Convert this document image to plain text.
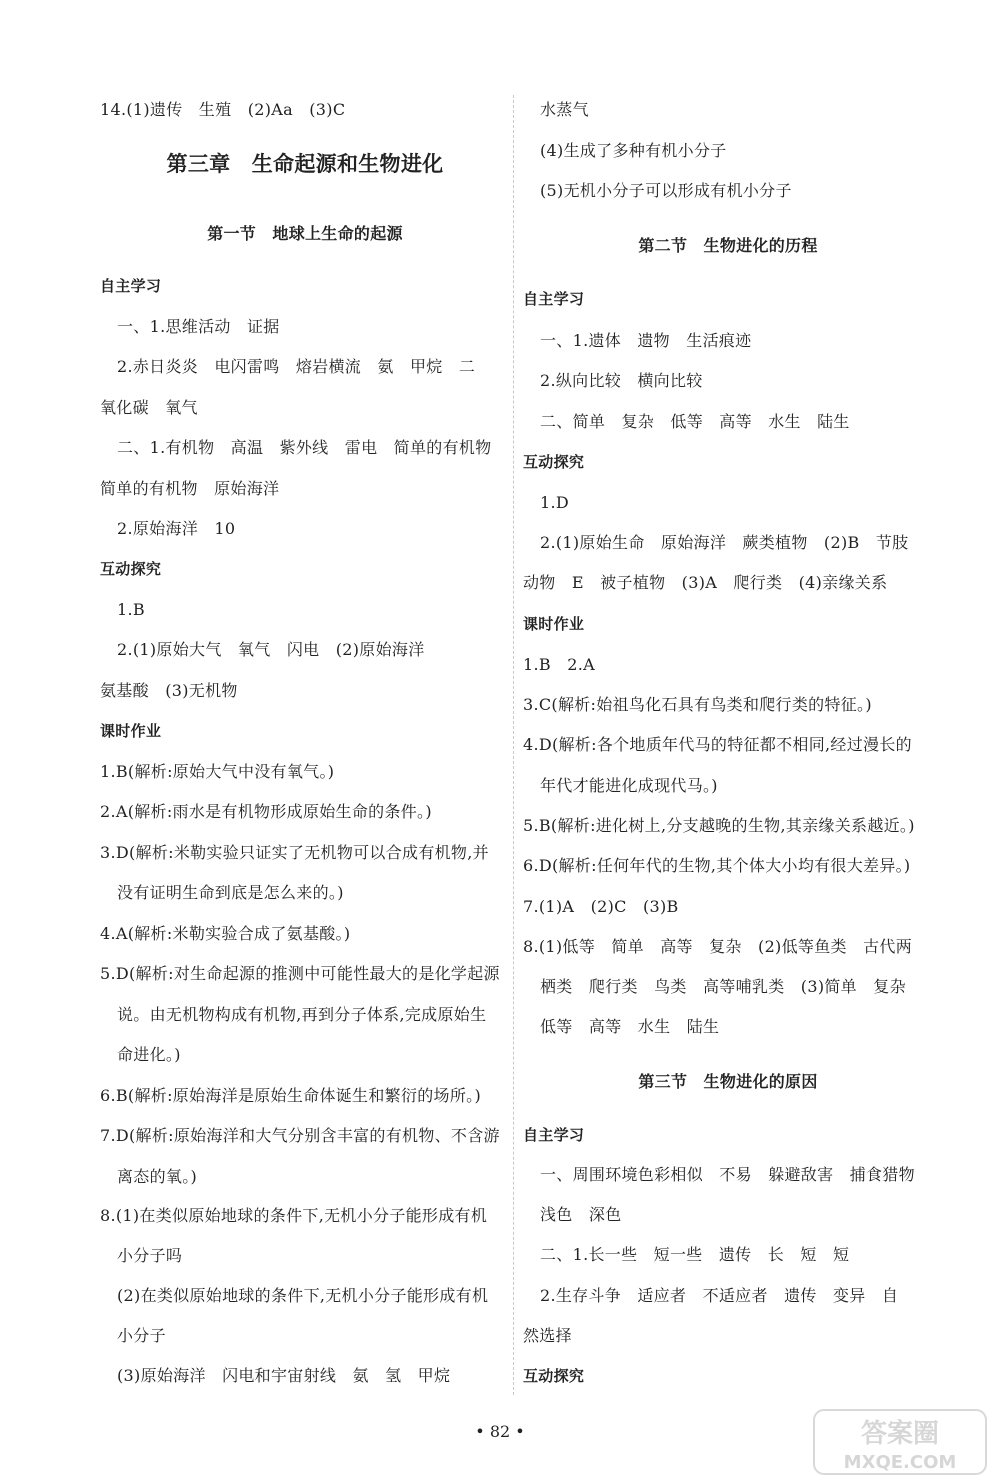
14.(1)遗传　生殖　(2)Aa　(3)C
第三章　生命起源和生物进化
第一节　地球上生命的起源
自主学习
一、1.思维活动　证据
2.赤日炎炎　电闪雷鸣　熔岩横流　氨　甲烷　二
氧化碳　氧气
二、1.有机物　高温　紫外线　雷电　简单的有机物
简单的有机物　原始海洋
2.原始海洋　10
互动探究
1.B
2.(1)原始大气　氧气　闪电　(2)原始海洋
氨基酸　(3)无机物
课时作业
1.B(解析:原始大气中没有氧气。)
2.A(解析:雨水是有机物形成原始生命的条件。)
3.D(解析:米勒实验只证实了无机物可以合成有机物,并
没有证明生命到底是怎么来的。)
4.A(解析:米勒实验合成了氨基酸。)
5.D(解析:对生命起源的推测中可能性最大的是化学起源
说。由无机物构成有机物,再到分子体系,完成原始生
命进化。)
6.B(解析:原始海洋是原始生命体诞生和繁衍的场所。)
7.D(解析:原始海洋和大气分别含丰富的有机物、不含游
离态的氧。)
8.(1)在类似原始地球的条件下,无机小分子能形成有机
小分子吗
(2)在类似原始地球的条件下,无机小分子能形成有机
小分子
(3)原始海洋　闪电和宇宙射线　氨　氢　甲烷
水蒸气
(4)生成了多种有机小分子
(5)无机小分子可以形成有机小分子
第二节　生物进化的历程
自主学习
一、1.遗体　遗物　生活痕迹
2.纵向比较　横向比较
二、简单　复杂　低等　高等　水生　陆生
互动探究
1.D
2.(1)原始生命　原始海洋　蕨类植物　(2)B　节肢
动物　E　被子植物　(3)A　爬行类　(4)亲缘关系
课时作业
1.B　2.A
3.C(解析:始祖鸟化石具有鸟类和爬行类的特征。)
4.D(解析:各个地质年代马的特征都不相同,经过漫长的
年代才能进化成现代马。)
5.B(解析:进化树上,分支越晚的生物,其亲缘关系越近。)
6.D(解析:任何年代的生物,其个体大小均有很大差异。)
7.(1)A　(2)C　(3)B
8.(1)低等　简单　高等　复杂　(2)低等鱼类　古代两
栖类　爬行类　鸟类　高等哺乳类　(3)简单　复杂
低等　高等　水生　陆生
第三节　生物进化的原因
自主学习
一、周围环境色彩相似　不易　躲避敌害　捕食猎物
浅色　深色
二、1.长一些　短一些　遗传　长　短　短
2.生存斗争　适应者　不适应者　遗传　变异　自
然选择
互动探究
• 82 •	答案圈
MXQE.COM
